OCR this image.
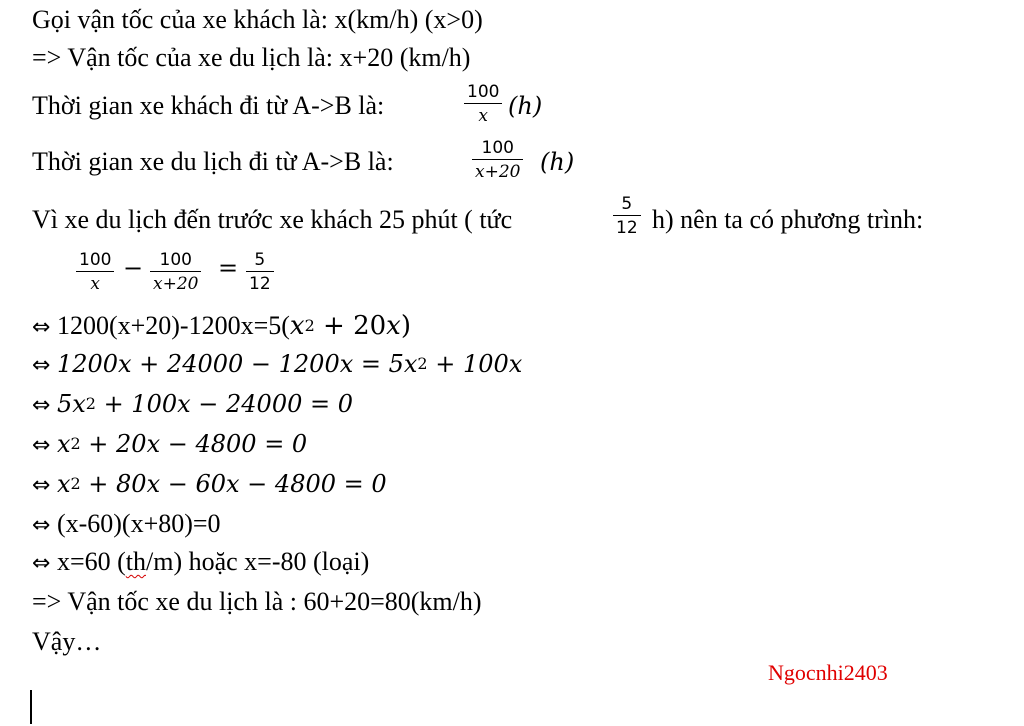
Gọi vận tốc của xe khách là: x(km/h) (x>0)
=> Vận tốc của xe du lịch là: x+20 (km/h)
Thời gian xe khách đi từ A->B là:	100
x (h)
Thời gian xe du lịch đi từ A->B là:	100
x+20 (h)
Vì xe du lịch đến trước xe khách 25 phút ( tức
5
12 h) nên ta có phương trình:
100
x
− 100
x+20
= 5
12
⇔ $1200(x+20)-1200x=5(x^2 + 20x)$
⇔ $1200x + 24000 - 1200x = 5x^2 + 100x$
⇔ $5x^2 + 100x - 24000 = 0$
⇔ $x^2 + 20x - 4800 = 0$
⇔ $x^2 + 80x - 60x - 4800 = 0$
⇔ (x-60)(x+80)=0
⇔ x=60 (th/m) hoặc x=-80 (loại)
=> Vận tốc xe du lịch là : 60+20=80(km/h)
Vậy…
Ngocnhi2403
